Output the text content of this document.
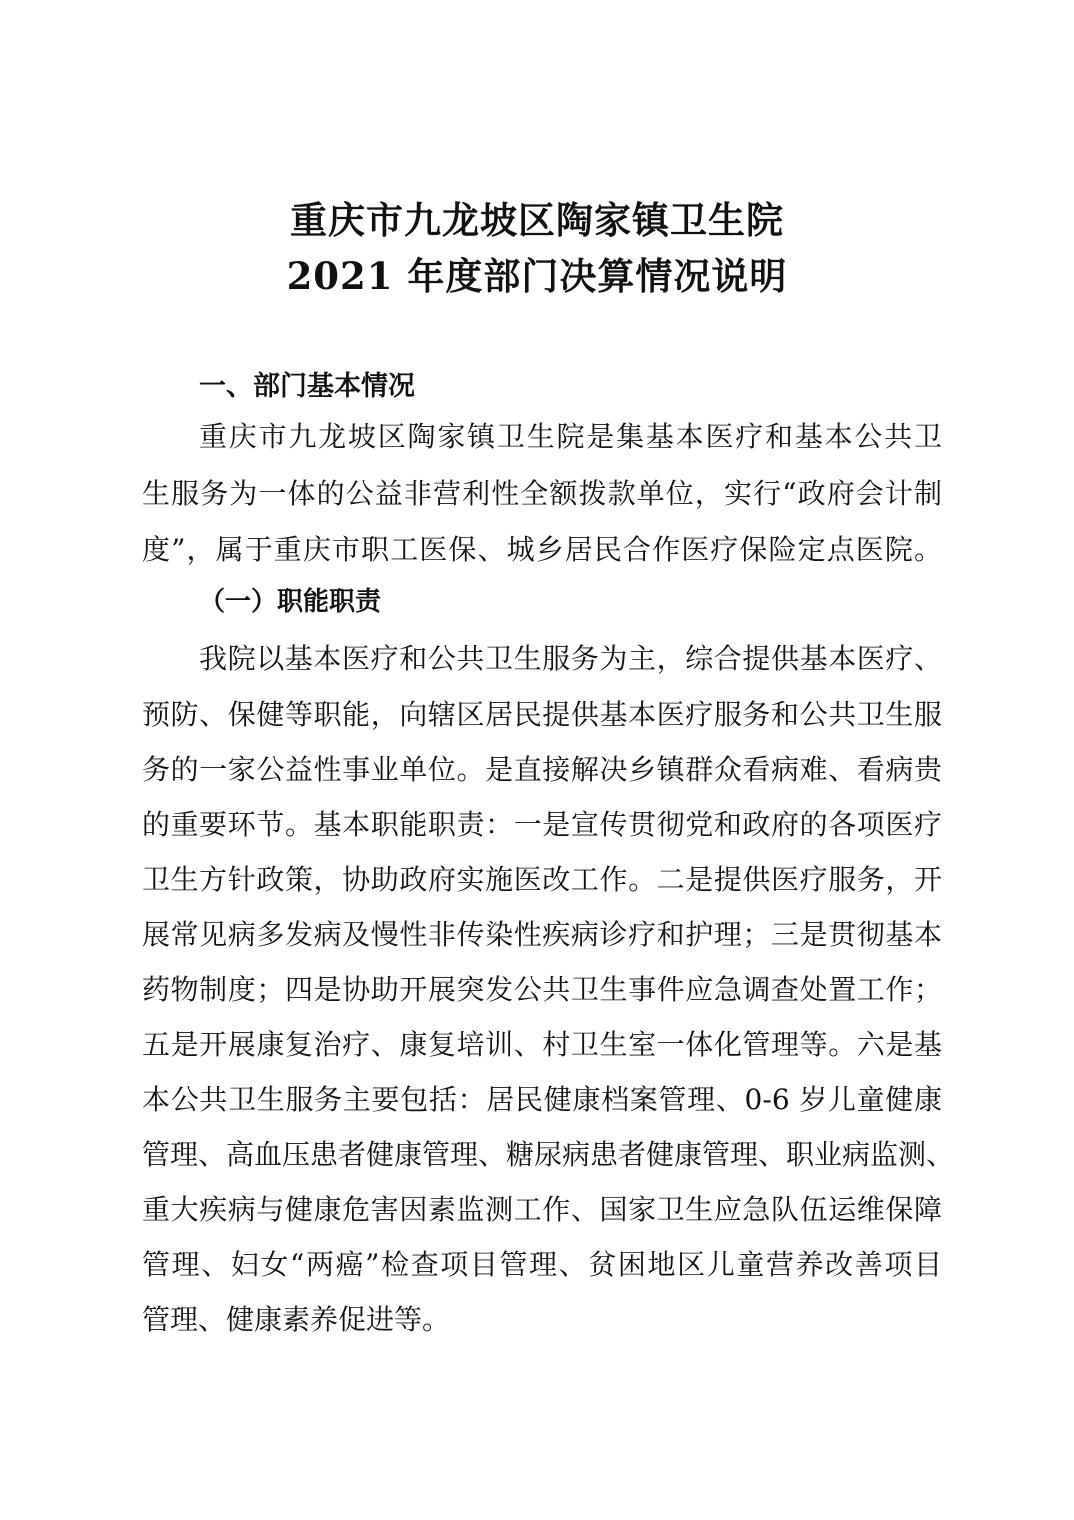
重庆市九龙坡区陶家镇卫生院
2021 年度部门决算情况说明
一、部门基本情况
重庆市九龙坡区陶家镇卫生院是集基本医疗和基本公共卫
生服务为一体的公益非营利性全额拨款单位，实行“政府会计制
度”，属于重庆市职工医保、城乡居民合作医疗保险定点医院。
（一）职能职责
我院以基本医疗和公共卫生服务为主，综合提供基本医疗、
预防、保健等职能，向辖区居民提供基本医疗服务和公共卫生服
务的一家公益性事业单位。是直接解决乡镇群众看病难、看病贵
的重要环节。基本职能职责：一是宣传贯彻党和政府的各项医疗
卫生方针政策，协助政府实施医改工作。二是提供医疗服务，开
展常见病多发病及慢性非传染性疾病诊疗和护理；三是贯彻基本
药物制度；四是协助开展突发公共卫生事件应急调查处置工作；
五是开展康复治疗、康复培训、村卫生室一体化管理等。六是基
本公共卫生服务主要包括：居民健康档案管理、0-6 岁儿童健康
管理、高血压患者健康管理、糖尿病患者健康管理、职业病监测、
重大疾病与健康危害因素监测工作、国家卫生应急队伍运维保障
管理、妇女“两癌”检查项目管理、贫困地区儿童营养改善项目
管理、健康素养促进等。
